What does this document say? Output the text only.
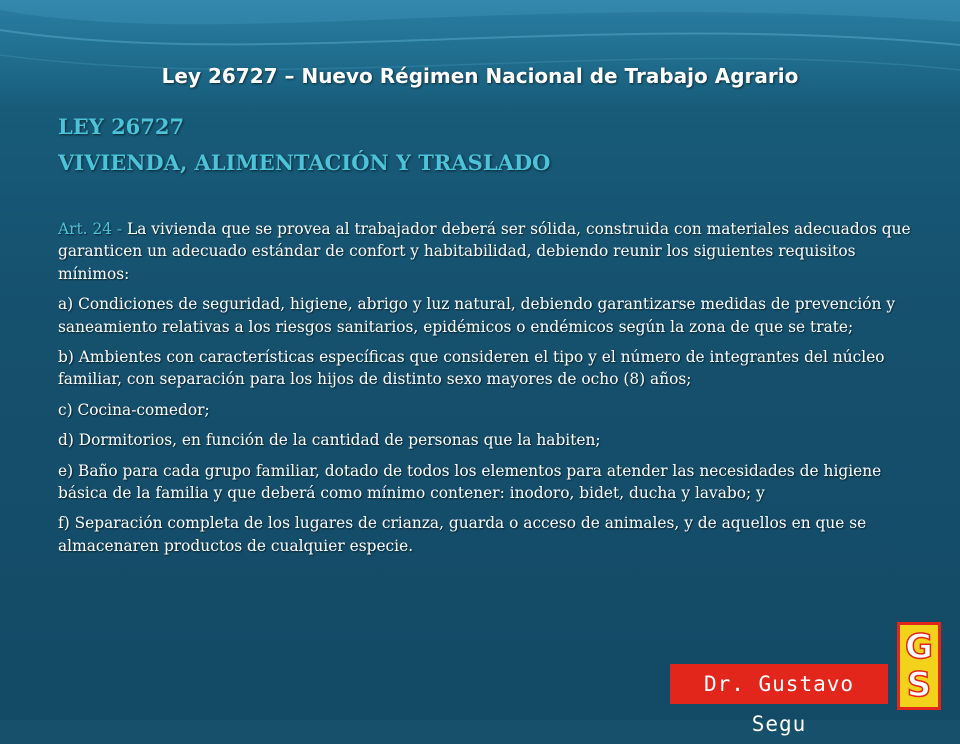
Ley 26727 – Nuevo Régimen Nacional de Trabajo Agrario
LEY 26727
VIVIENDA, ALIMENTACIÓN Y TRASLADO

Art. 24 - La vivienda que se provea al trabajador deberá ser sólida, construida con materiales adecuados que garanticen un adecuado estándar de confort y habitabilidad, debiendo reunir los siguientes requisitos mínimos:

a) Condiciones de seguridad, higiene, abrigo y luz natural, debiendo garantizarse medidas de prevención y saneamiento relativas a los riesgos sanitarios, epidémicos o endémicos según la zona de que se trate;

b) Ambientes con características específicas que consideren el tipo y el número de integrantes del núcleo familiar, con separación para los hijos de distinto sexo mayores de ocho (8) años;

c) Cocina-comedor;

d) Dormitorios, en función de la cantidad de personas que la habiten;

e) Baño para cada grupo familiar, dotado de todos los elementos para atender las necesidades de higiene básica de la familia y que deberá como mínimo contener: inodoro, bidet, ducha y lavabo; y

f) Separación completa de los lugares de crianza, guarda o acceso de animales, y de aquellos en que se almacenaren productos de cualquier especie.

Dr. Gustavo Segu
G
S
